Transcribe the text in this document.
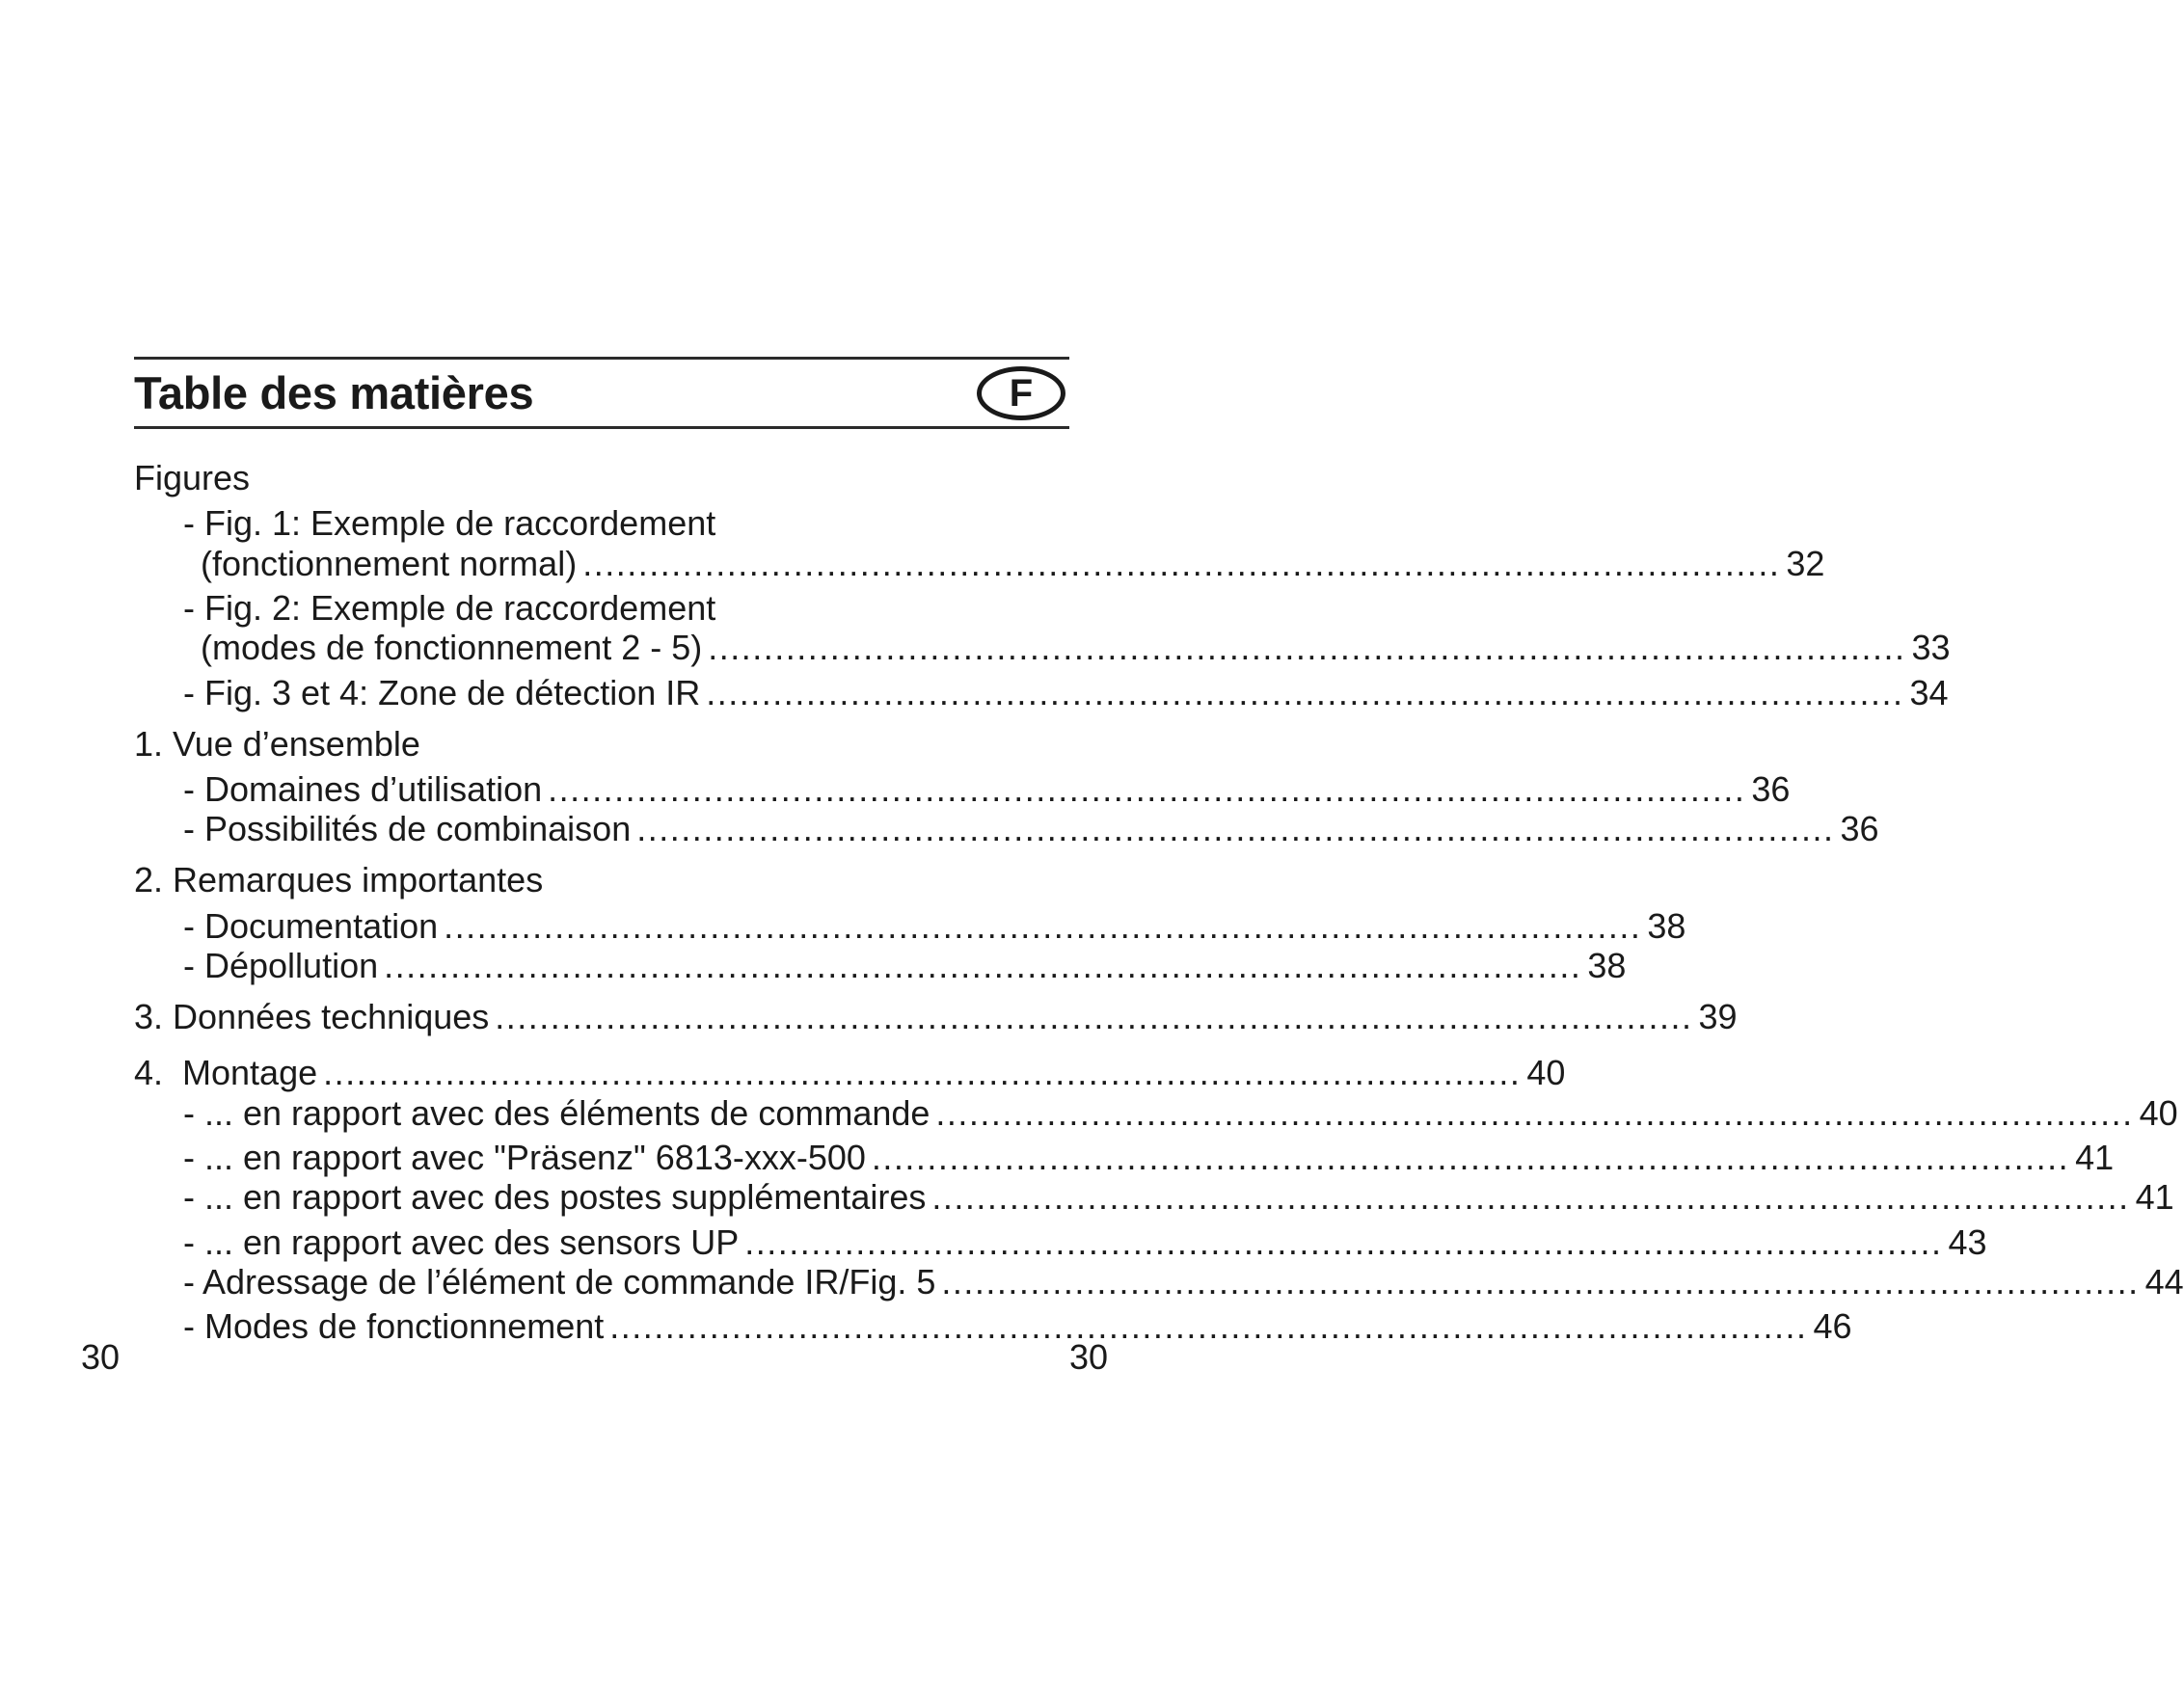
Table des matières	F
Figures
- Fig. 1: Exemple de raccordement
(fonctionnement normal) ............................................................................................................ 32
- Fig. 2: Exemple de raccordement
(modes de fonctionnement 2 - 5) ............................................................................................................ 33
- Fig. 3 et 4: Zone de détection IR ............................................................................................................ 34
1. Vue d’ensemble
- Domaines d’utilisation ............................................................................................................ 36
- Possibilités de combinaison ............................................................................................................ 36
2. Remarques importantes
- Documentation ............................................................................................................ 38
- Dépollution ............................................................................................................ 38
3. Données techniques ............................................................................................................ 39
4.  Montage ............................................................................................................ 40
- ... en rapport avec des éléments de commande ............................................................................................................ 40
- ... en rapport avec "Präsenz" 6813-xxx-500 ............................................................................................................ 41
- ... en rapport avec des postes supplémentaires ............................................................................................................ 41
- ... en rapport avec des sensors UP ............................................................................................................ 43
- Adressage de l’élément de commande IR/Fig. 5 ............................................................................................................ 44
- Modes de fonctionnement ............................................................................................................ 46
30	30
